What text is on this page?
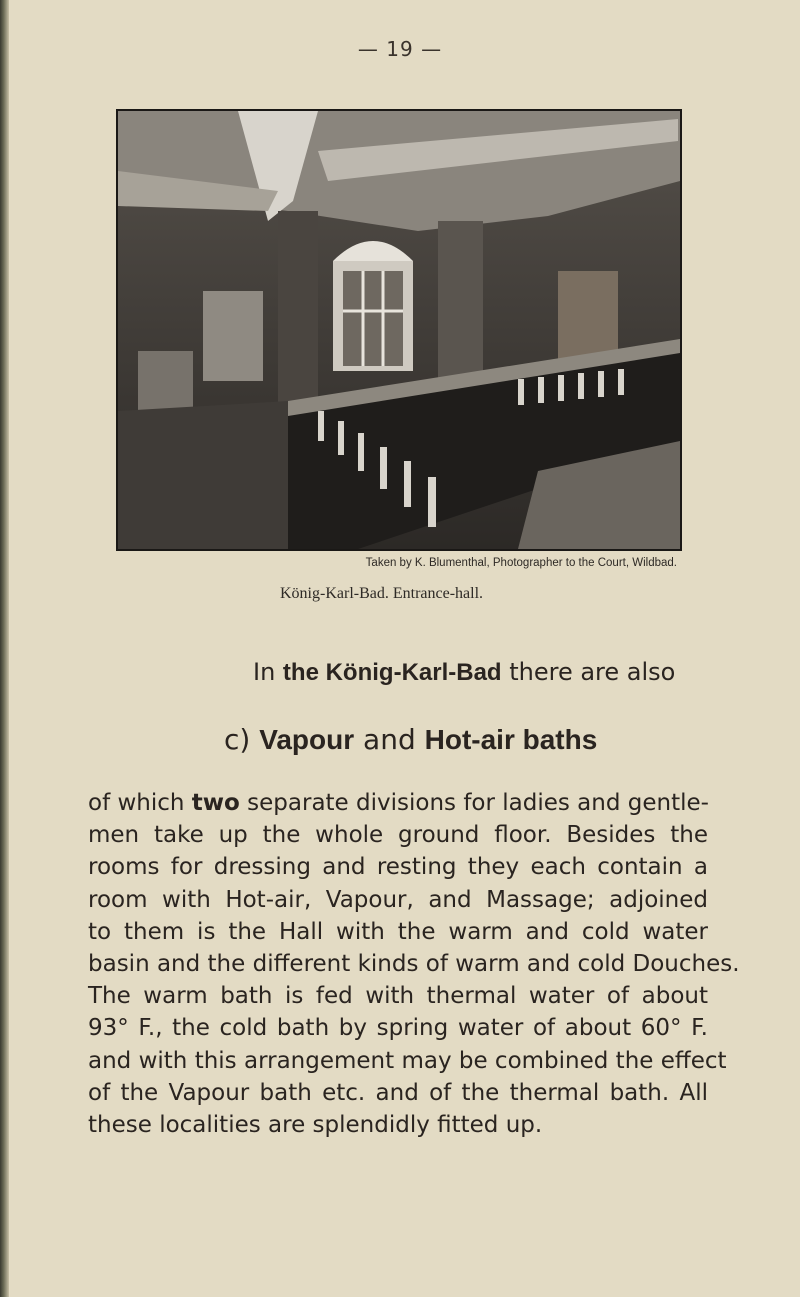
— 19 —
Taken by K. Blumenthal, Photographer to the Court, Wildbad.
König-Karl-Bad. Entrance-hall.
In the König-Karl-Bad there are also
c) Vapour and Hot-air baths
of which two separate divisions for ladies and gentle-
men take up the whole ground floor. Besides the
rooms for dressing and resting they each contain a
room with Hot-air, Vapour, and Massage; adjoined
to them is the Hall with the warm and cold water
basin and the different kinds of warm and cold Douches.
The warm bath is fed with thermal water of about
93° F., the cold bath by spring water of about 60° F.
and with this arrangement may be combined the effect
of the Vapour bath etc. and of the thermal bath. All
these localities are splendidly fitted up.
